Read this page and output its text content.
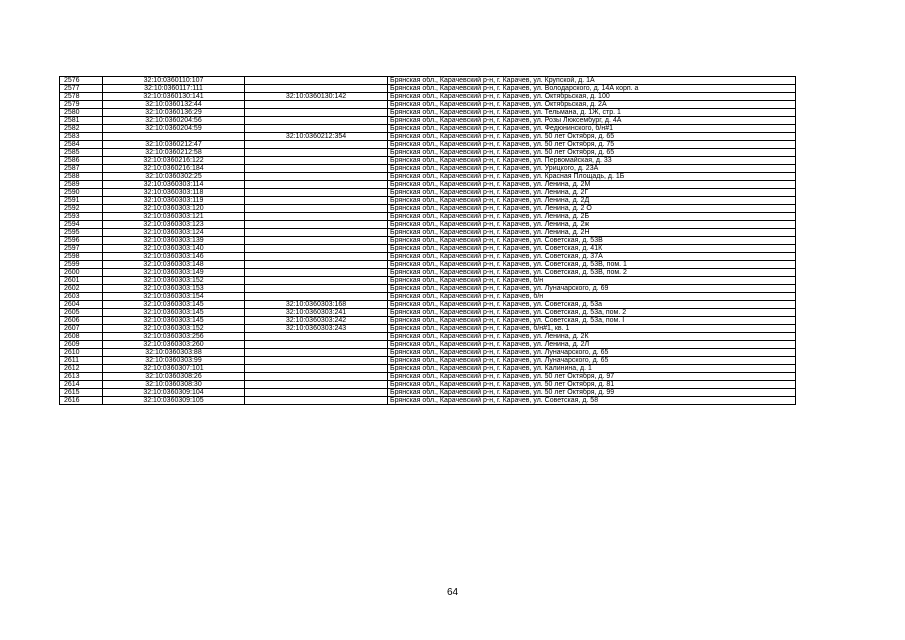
2576	32:10:0360110:107		Брянская обл., Карачевский р-н, г. Карачев, ул. Крупской, д. 1А
2577	32:10:0360117:111		Брянская обл., Карачевский р-н, г. Карачев, ул. Володарского, д. 14А корп. а
2578	32:10:0360130:141	32:10:0360130:142	Брянская обл., Карачевский р-н, г. Карачев, ул. Октябрьская, д. 100
2579	32:10:0360132:44		Брянская обл., Карачевский р-н, г. Карачев, ул. Октябрьская, д. 2А
2580	32:10:0360136:29		Брянская обл., Карачевский р-н, г. Карачев, ул. Тельмана, д. 1Ж, стр. 1
2581	32:10:0360204:56		Брянская обл., Карачевский р-н, г. Карачев, ул. Розы Люксембург, д. 4А
2582	32:10:0360204:59		Брянская обл., Карачевский р-н, г. Карачев, ул. Федюнинского, б/н#1
2583		32:10:0360212:354	Брянская обл., Карачевский р-н, г. Карачев, ул. 50 лет Октября, д. 65
2584	32:10:0360212:47		Брянская обл., Карачевский р-н, г. Карачев, ул. 50 лет Октября, д. 75
2585	32:10:0360212:58		Брянская обл., Карачевский р-н, г. Карачев, ул. 50 лет Октября, д. 65
2586	32:10:0360216:122		Брянская обл., Карачевский р-н, г. Карачев, ул. Первомайская, д. 33
2587	32:10:0360216:184		Брянская обл., Карачевский р-н, г. Карачев, ул. Урицкого, д. 23А
2588	32:10:0360302:25		Брянская обл., Карачевский р-н, г. Карачев, ул. Красная Площадь, д. 1Б
2589	32:10:0360303:114		Брянская обл., Карачевский р-н, г. Карачев, ул. Ленина, д. 2М
2590	32:10:0360303:118		Брянская обл., Карачевский р-н, г. Карачев, ул. Ленина, д. 2Г
2591	32:10:0360303:119		Брянская обл., Карачевский р-н, г. Карачев, ул. Ленина, д. 2Д
2592	32:10:0360303:120		Брянская обл., Карачевский р-н, г. Карачев, ул. Ленина, д. 2 О
2593	32:10:0360303:121		Брянская обл., Карачевский р-н, г. Карачев, ул. Ленина, д. 2Б
2594	32:10:0360303:123		Брянская обл., Карачевский р-н, г. Карачев, ул. Ленина, д. 2ж
2595	32:10:0360303:124		Брянская обл., Карачевский р-н, г. Карачев, ул. Ленина, д. 2Н
2596	32:10:0360303:139		Брянская обл., Карачевский р-н, г. Карачев, ул. Советская, д. 53В
2597	32:10:0360303:140		Брянская обл., Карачевский р-н, г. Карачев, ул. Советская, д. 41К
2598	32:10:0360303:146		Брянская обл., Карачевский р-н, г. Карачев, ул. Советская, д. 37А
2599	32:10:0360303:148		Брянская обл., Карачевский р-н, г. Карачев, ул. Советская, д. 53В, пом. 1
2600	32:10:0360303:149		Брянская обл., Карачевский р-н, г. Карачев, ул. Советская, д. 53В, пом. 2
2601	32:10:0360303:152		Брянская обл., Карачевский р-н, г. Карачев, б/н
2602	32:10:0360303:153		Брянская обл., Карачевский р-н, г. Карачев, ул. Луначарского, д. 69
2603	32:10:0360303:154		Брянская обл., Карачевский р-н, г. Карачев, б/н
2604	32:10:0360303:145	32:10:0360303:168	Брянская обл., Карачевский р-н, г. Карачев, ул. Советская, д. 53а
2605	32:10:0360303:145	32:10:0360303:241	Брянская обл., Карачевский р-н, г. Карачев, ул. Советская, д. 53а, пом. 2
2606	32:10:0360303:145	32:10:0360303:242	Брянская обл., Карачевский р-н, г. Карачев, ул. Советская, д. 53а, пом. I
2607	32:10:0360303:152	32:10:0360303:243	Брянская обл., Карачевский р-н, г. Карачев, б/н#1, кв. 1
2608	32:10:0360303:256		Брянская обл., Карачевский р-н, г. Карачев, ул. Ленина, д. 2К
2609	32:10:0360303:260		Брянская обл., Карачевский р-н, г. Карачев, ул. Ленина, д. 2Л
2610	32:10:0360303:88		Брянская обл., Карачевский р-н, г. Карачев, ул. Луначарского, д. 65
2611	32:10:0360303:99		Брянская обл., Карачевский р-н, г. Карачев, ул. Луначарского, д. 65
2612	32:10:0360307:101		Брянская обл., Карачевский р-н, г. Карачев, ул. Калинина, д. 1
2613	32:10:0360308:26		Брянская обл., Карачевский р-н, г. Карачев, ул. 50 лет Октября, д. 97
2614	32:10:0360308:30		Брянская обл., Карачевский р-н, г. Карачев, ул. 50 лет Октября, д. 81
2615	32:10:0360309:104		Брянская обл., Карачевский р-н, г. Карачев, ул. 50 лет Октября, д. 99
2616	32:10:0360309:105		Брянская обл., Карачевский р-н, г. Карачев, ул. Советская, д. 58
64
